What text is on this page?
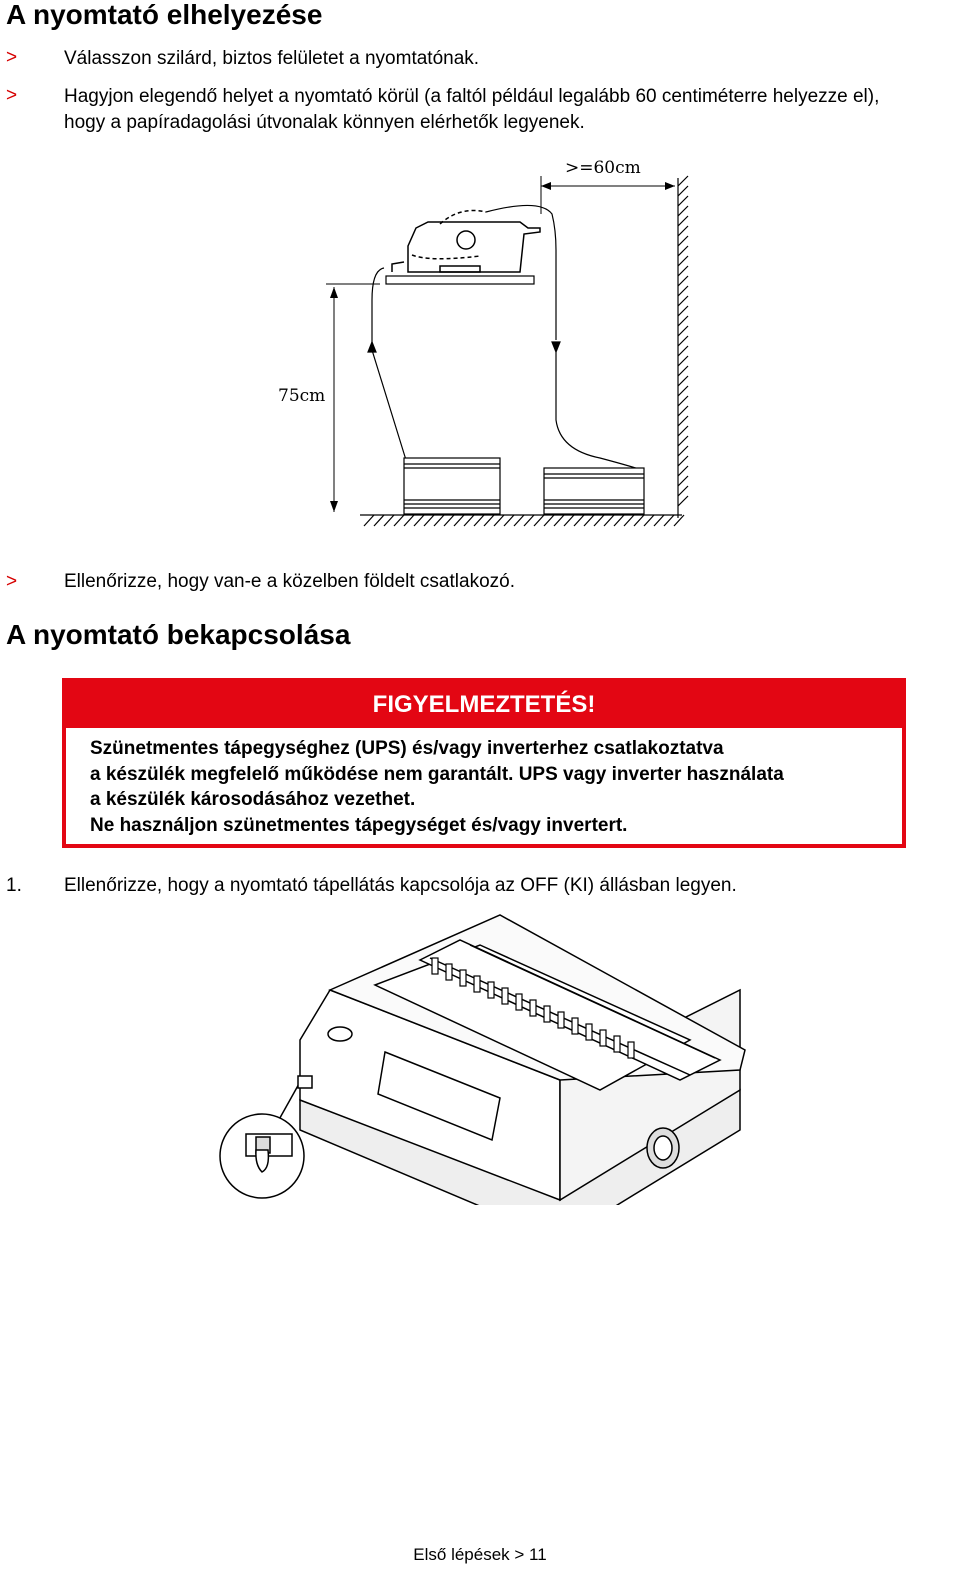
A nyomtató elhelyezése
> Válasszon szilárd, biztos felületet a nyomtatónak.
> Hagyjon elegendő helyet a nyomtató körül (a faltól például legalább 60 centiméterre helyezze el),
hogy a papíradagolási útvonalak könnyen elérhetők legyenek.
>=60cm
75cm
> Ellenőrizze, hogy van-e a közelben földelt csatlakozó.
A nyomtató bekapcsolása
FIGYELMEZTETÉS!
Szünetmentes tápegységhez (UPS) és/vagy inverterhez csatlakoztatva
a készülék megfelelő működése nem garantált. UPS vagy inverter használata
a készülék károsodásához vezethet.
Ne használjon szünetmentes tápegységet és/vagy invertert.
1. Ellenőrizze, hogy a nyomtató tápellátás kapcsolója az OFF (KI) állásban legyen.
Első lépések > 11
